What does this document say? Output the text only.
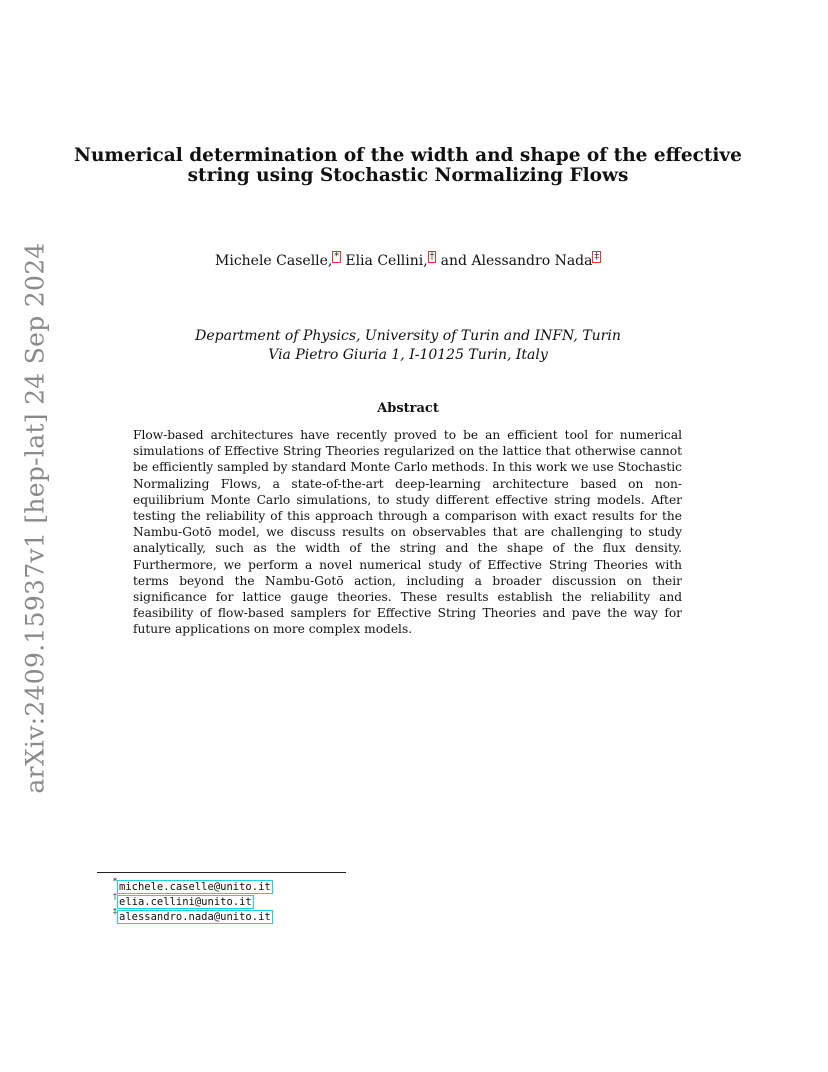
arXiv:2409.15937v1 [hep-lat] 24 Sep 2024
Numerical determination of the width and shape of the effective
string using Stochastic Normalizing Flows
Michele Caselle, * Elia Cellini, † and Alessandro Nada ‡
Department of Physics, University of Turin and INFN, Turin
Via Pietro Giuria 1, I-10125 Turin, Italy
Abstract
Flow-based architectures have recently proved to be an efficient tool for numerical simulations of Effective String Theories regularized on the lattice that otherwise cannot be efficiently sampled by standard Monte Carlo methods. In this work we use Stochastic Normalizing Flows, a state-of-the-art deep-learning architecture based on non-equilibrium Monte Carlo simulations, to study different effective string models. After testing the reliability of this approach through a comparison with exact results for the Nambu-Gotō model, we discuss results on observables that are challenging to study analytically, such as the width of the string and the shape of the flux density. Furthermore, we perform a novel numerical study of Effective String Theories with terms beyond the Nambu-Gotō action, including a broader discussion on their significance for lattice gauge theories. These results establish the reliability and feasibility of flow-based samplers for Effective String Theories and pave the way for future applications on more complex models.
* michele.caselle@unito.it
† elia.cellini@unito.it
‡ alessandro.nada@unito.it
